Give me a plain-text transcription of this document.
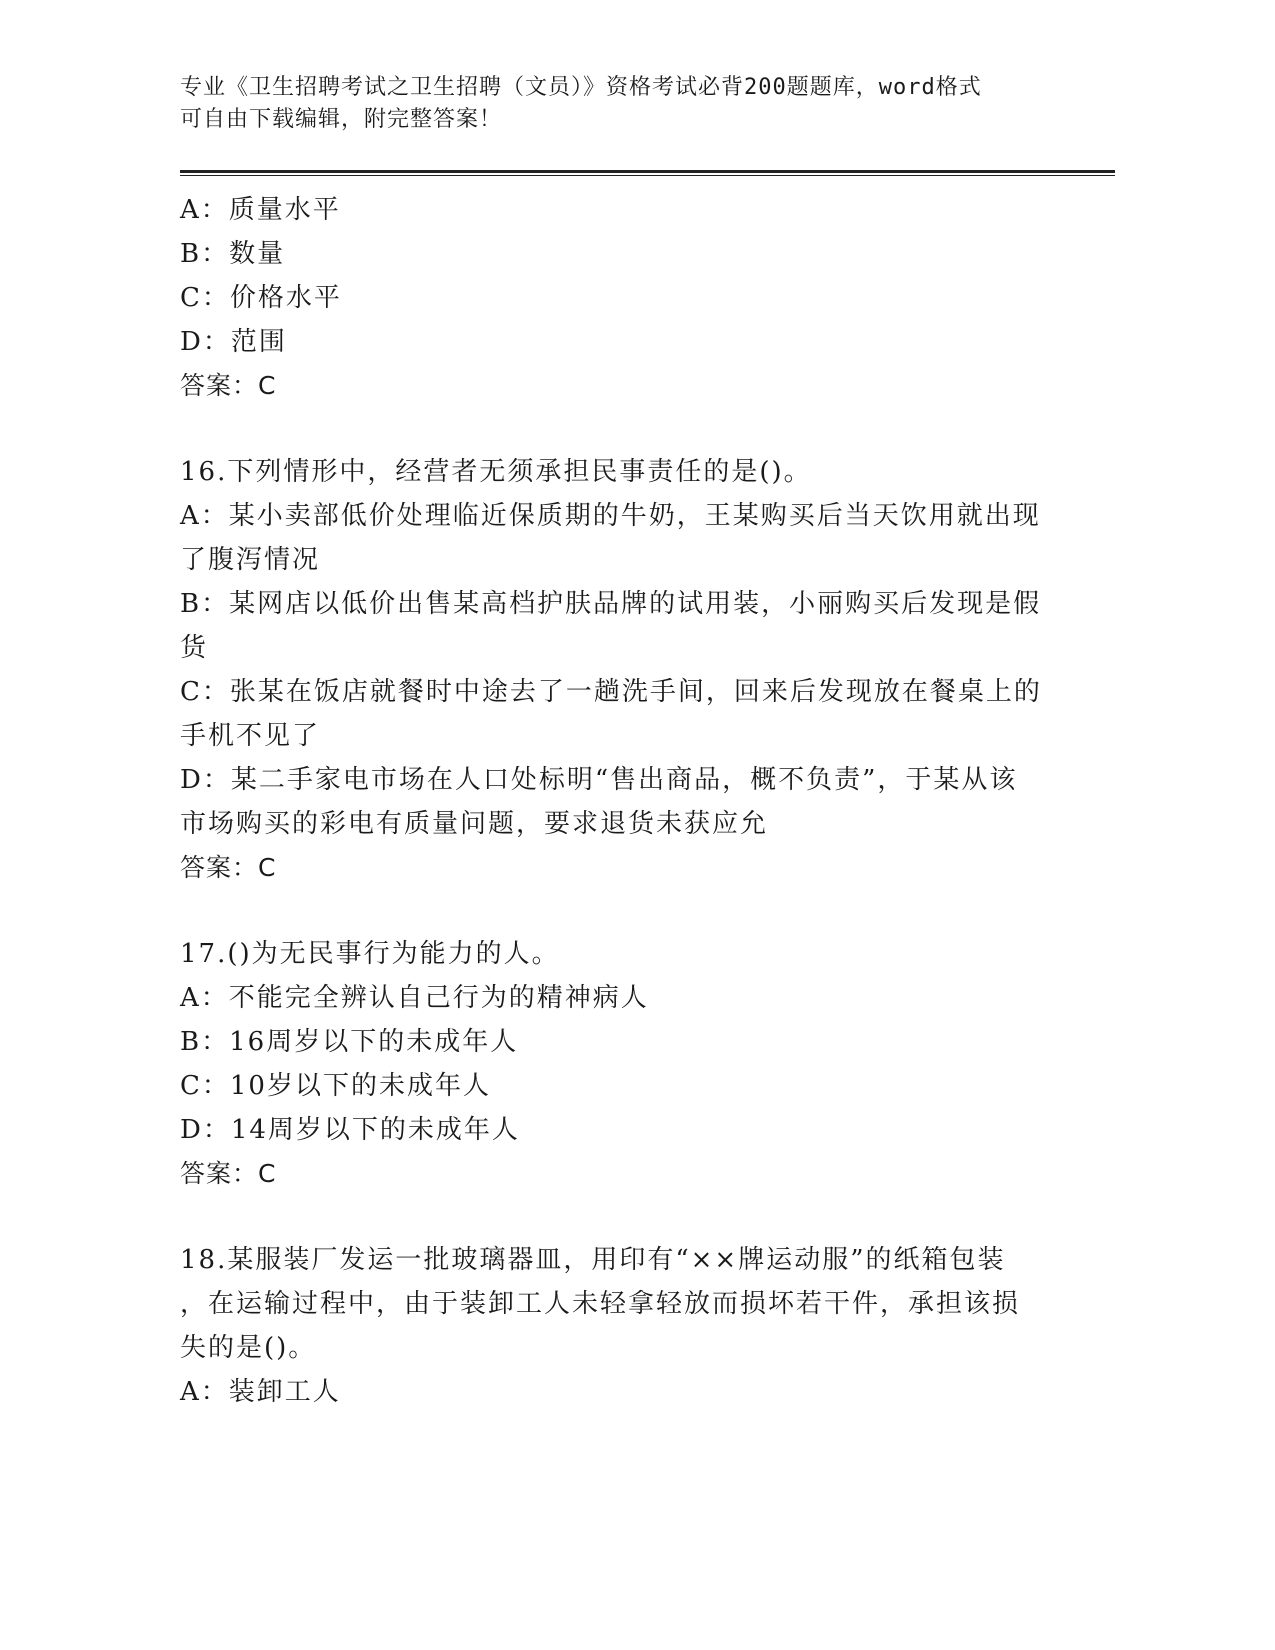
专业《卫生招聘考试之卫生招聘（文员）》资格考试必背200题题库，word格式
可自由下载编辑，附完整答案！
A：质量水平
B：数量
C：价格水平
D：范围
答案：C
16.下列情形中，经营者无须承担民事责任的是()。
A：某小卖部低价处理临近保质期的牛奶，王某购买后当天饮用就出现
了腹泻情况
B：某网店以低价出售某高档护肤品牌的试用装，小丽购买后发现是假
货
C：张某在饭店就餐时中途去了一趟洗手间，回来后发现放在餐桌上的
手机不见了
D：某二手家电市场在人口处标明“售出商品，概不负责”，于某从该
市场购买的彩电有质量问题，要求退货未获应允
答案：C
17.()为无民事行为能力的人。
A：不能完全辨认自己行为的精神病人
B：16周岁以下的未成年人
C：10岁以下的未成年人
D：14周岁以下的未成年人
答案：C
18.某服装厂发运一批玻璃器皿，用印有“××牌运动服”的纸箱包装
，在运输过程中，由于装卸工人未轻拿轻放而损坏若干件，承担该损
失的是()。
A：装卸工人
